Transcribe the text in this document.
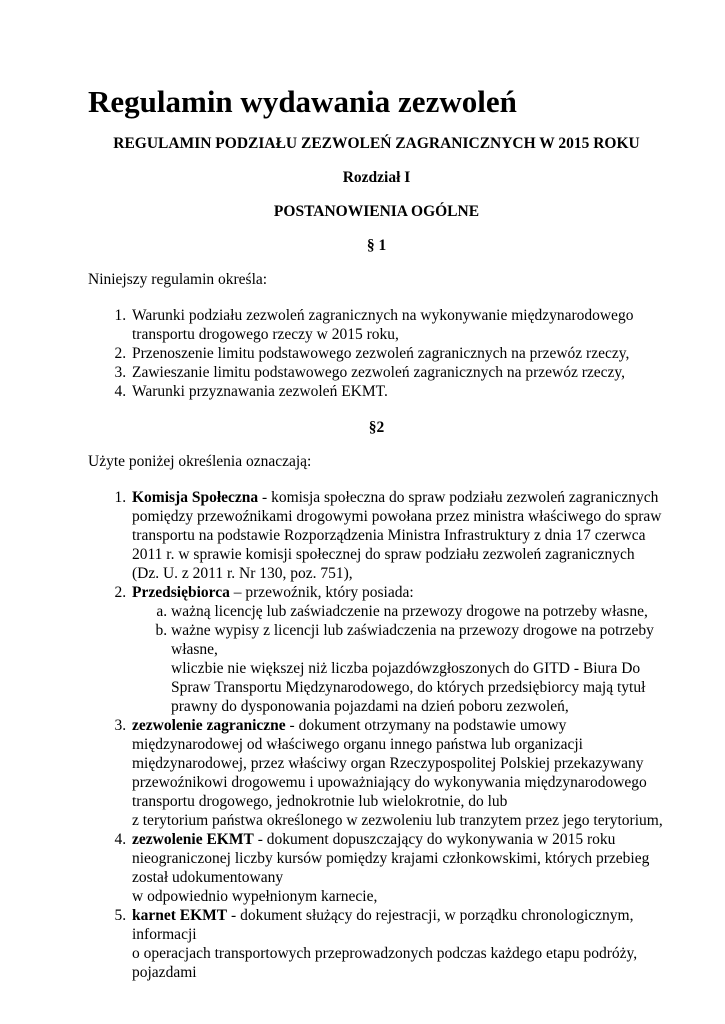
Regulamin wydawania zezwoleń

REGULAMIN PODZIAŁU ZEZWOLEŃ ZAGRANICZNYCH W 2015 ROKU

Rozdział I

POSTANOWIENIA OGÓLNE

§ 1

Niniejszy regulamin określa:

1. Warunki podziału zezwoleń zagranicznych na wykonywanie międzynarodowego transportu drogowego rzeczy w 2015 roku,
2. Przenoszenie limitu podstawowego zezwoleń zagranicznych na przewóz rzeczy,
3. Zawieszanie limitu podstawowego zezwoleń zagranicznych na przewóz rzeczy,
4. Warunki przyznawania zezwoleń EKMT.

§2

Użyte poniżej określenia oznaczają:

1. Komisja Społeczna - komisja społeczna do spraw podziału zezwoleń zagranicznych pomiędzy przewoźnikami drogowymi powołana przez ministra właściwego do spraw transportu na podstawie Rozporządzenia Ministra Infrastruktury z dnia 17 czerwca 2011 r. w sprawie komisji społecznej do spraw podziału zezwoleń zagranicznych (Dz. U. z 2011 r. Nr 130, poz. 751),
2. Przedsiębiorca – przewoźnik, który posiada:
a. ważną licencję lub zaświadczenie na przewozy drogowe na potrzeby własne,
b. ważne wypisy z licencji lub zaświadczenia na przewozy drogowe na potrzeby własne,
wliczbie nie większej niż liczba pojazdówzgłoszonych do GITD - Biura Do Spraw Transportu Międzynarodowego, do których przedsiębiorcy mają tytuł prawny do dysponowania pojazdami na dzień poboru zezwoleń,
3. zezwolenie zagraniczne - dokument otrzymany na podstawie umowy międzynarodowej od właściwego organu innego państwa lub organizacji międzynarodowej, przez właściwy organ Rzeczypospolitej Polskiej przekazywany przewoźnikowi drogowemu i upoważniający do wykonywania międzynarodowego transportu drogowego, jednokrotnie lub wielokrotnie, do lub
z terytorium państwa określonego w zezwoleniu lub tranzytem przez jego terytorium,
4. zezwolenie EKMT - dokument dopuszczający do wykonywania w 2015 roku nieograniczonej liczby kursów pomiędzy krajami członkowskimi, których przebieg został udokumentowany
w odpowiednio wypełnionym karnecie,
5. karnet EKMT - dokument służący do rejestracji, w porządku chronologicznym, informacji
o operacjach transportowych przeprowadzonych podczas każdego etapu podróży, pojazdami
